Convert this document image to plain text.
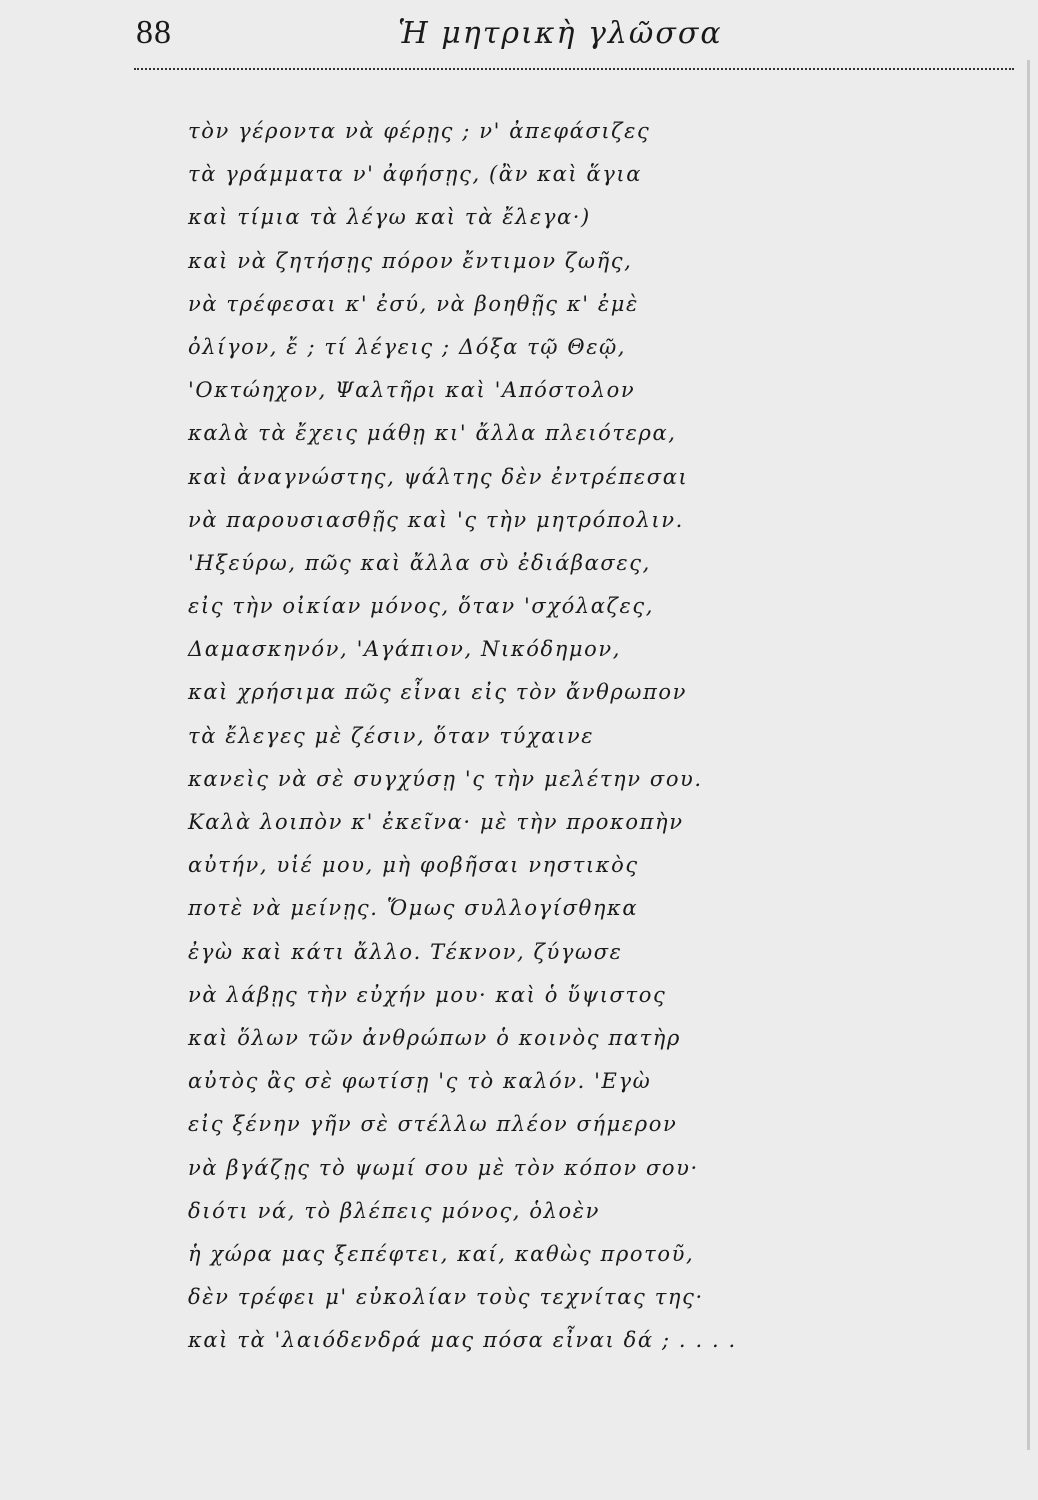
88	Ἡ μητρικὴ γλῶσσα
τὸν γέροντα νὰ φέρῃς ; ν' ἀπεφάσιζες
τὰ γράμματα ν' ἀφήσῃς, (ἂν καὶ ἅγια
καὶ τίμια τὰ λέγω καὶ τὰ ἔλεγα·)
καὶ νὰ ζητήσῃς πόρον ἔντιμον ζωῆς,
νὰ τρέφεσαι κ' ἐσύ, νὰ βοηθῇς κ' ἐμὲ
ὀλίγον, ἔ ; τί λέγεις ; Δόξα τῷ Θεῷ,
'Οκτώηχον, Ψαλτῆρι καὶ 'Απόστολον
καλὰ τὰ ἔχεις μάθῃ κι' ἄλλα πλειότερα,
καὶ ἀναγνώστης, ψάλτης δὲν ἐντρέπεσαι
νὰ παρουσιασθῇς καὶ 'ς τὴν μητρόπολιν.
'Ηξεύρω, πῶς καὶ ἄλλα σὺ ἐδιάβασες,
εἰς τὴν οἰκίαν μόνος, ὅταν 'σχόλαζες,
Δαμασκηνόν, 'Αγάπιον, Νικόδημον,
καὶ χρήσιμα πῶς εἶναι εἰς τὸν ἄνθρωπον
τὰ ἔλεγες μὲ ζέσιν, ὅταν τύχαινε
κανεὶς νὰ σὲ συγχύσῃ 'ς τὴν μελέτην σου.
Καλὰ λοιπὸν κ' ἐκεῖνα· μὲ τὴν προκοπὴν
αὐτήν, υἱέ μου, μὴ φοβῆσαι νηστικὸς
ποτὲ νὰ μείνῃς. Ὅμως συλλογίσθηκα
ἐγὼ καὶ κάτι ἄλλο. Τέκνον, ζύγωσε
νὰ λάβῃς τὴν εὐχήν μου· καὶ ὁ ὕψιστος
καὶ ὅλων τῶν ἀνθρώπων ὁ κοινὸς πατὴρ
αὐτὸς ἂς σὲ φωτίσῃ 'ς τὸ καλόν. 'Εγὼ
εἰς ξένην γῆν σὲ στέλλω πλέον σήμερον
νὰ βγάζῃς τὸ ψωμί σου μὲ τὸν κόπον σου·
διότι νά, τὸ βλέπεις μόνος, ὁλοὲν
ἡ χώρα μας ξεπέφτει, καί, καθὼς προτοῦ,
δὲν τρέφει μ' εὐκολίαν τοὺς τεχνίτας της·
καὶ τὰ 'λαιόδενδρά μας πόσα εἶναι δά ; . . . .
